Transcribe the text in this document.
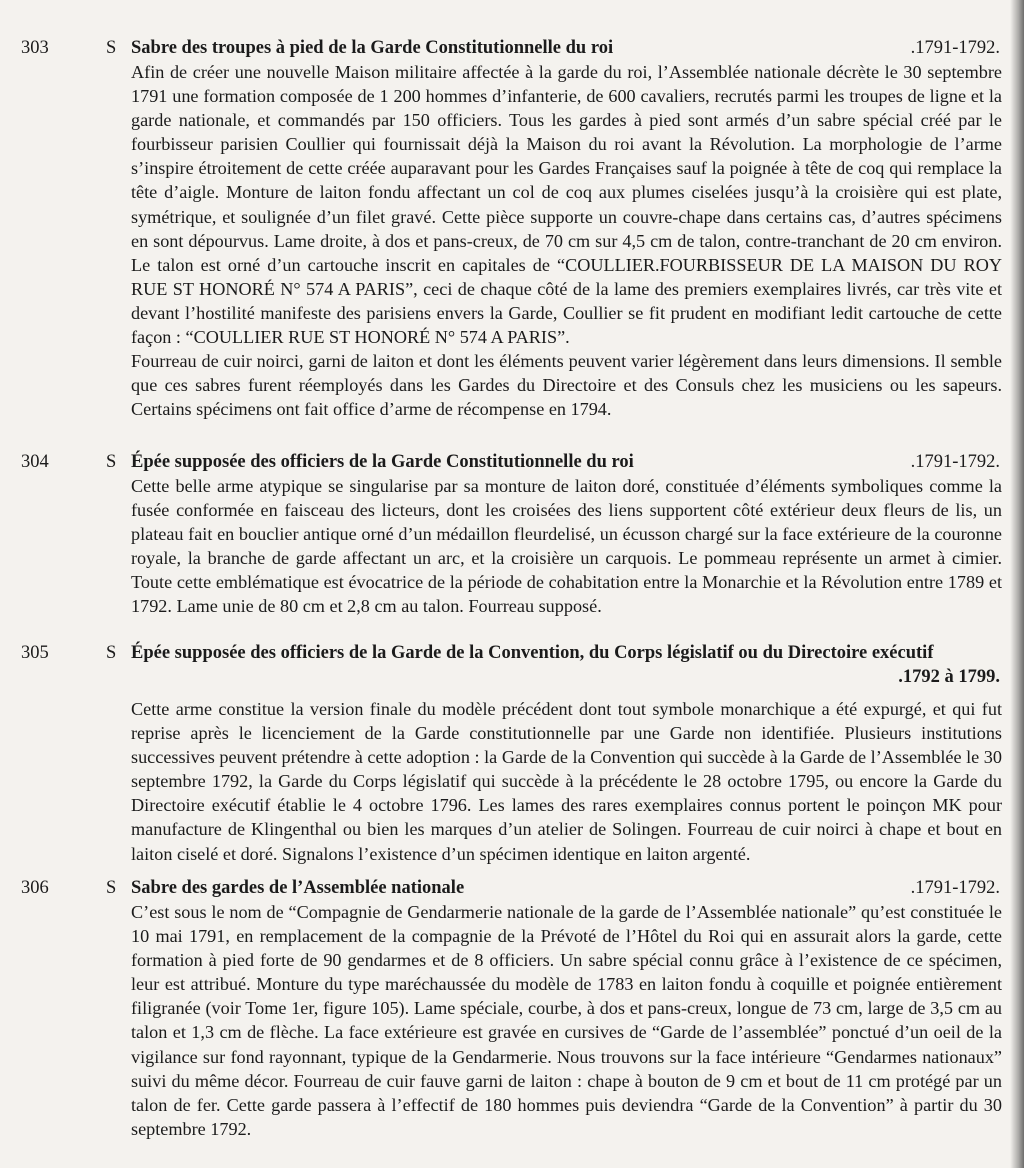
303	S Sabre des troupes à pied de la Garde Constitutionnelle du roi	.1791-1792.

Afin de créer une nouvelle Maison militaire affectée à la garde du roi, l’Assemblée nationale décrète le 30 septembre 1791 une formation composée de 1 200 hommes d’infanterie, de 600 cavaliers, recrutés parmi les troupes de ligne et la garde nationale, et commandés par 150 officiers. Tous les gardes à pied sont armés d’un sabre spécial créé par le fourbisseur parisien Coullier qui fournissait déjà la Maison du roi avant la Révolution. La morphologie de l’arme s’inspire étroitement de cette créée auparavant pour les Gardes Françaises sauf la poignée à tête de coq qui remplace la tête d’aigle. Monture de laiton fondu affectant un col de coq aux plumes ciselées jusqu’à la croisière qui est plate, symétrique, et soulignée d’un filet gravé. Cette pièce supporte un couvre-chape dans certains cas, d’autres spécimens en sont dépourvus. Lame droite, à dos et pans-creux, de 70 cm sur 4,5 cm de talon, contre-tranchant de 20 cm environ. Le talon est orné d’un cartouche inscrit en capitales de “COULLIER.FOURBISSEUR DE LA MAISON DU ROY RUE ST HONORÉ N° 574 A PARIS”, ceci de chaque côté de la lame des premiers exemplaires livrés, car très vite et devant l’hostilité manifeste des parisiens envers la Garde, Coullier se fit prudent en modifiant ledit cartouche de cette façon : “COULLIER RUE ST HONORÉ N° 574 A PARIS”.

Fourreau de cuir noirci, garni de laiton et dont les éléments peuvent varier légèrement dans leurs dimensions. Il semble que ces sabres furent réemployés dans les Gardes du Directoire et des Consuls chez les musiciens ou les sapeurs. Certains spécimens ont fait office d’arme de récompense en 1794.

304	S Épée supposée des officiers de la Garde Constitutionnelle du roi	.1791-1792.

Cette belle arme atypique se singularise par sa monture de laiton doré, constituée d’éléments symboliques comme la fusée conformée en faisceau des licteurs, dont les croisées des liens supportent côté extérieur deux fleurs de lis, un plateau fait en bouclier antique orné d’un médaillon fleurdelisé, un écusson chargé sur la face extérieure de la couronne royale, la branche de garde affectant un arc, et la croisière un carquois. Le pommeau représente un armet à cimier. Toute cette emblématique est évocatrice de la période de cohabitation entre la Monarchie et la Révolution entre 1789 et 1792. Lame unie de 80 cm et 2,8 cm au talon. Fourreau supposé.

305	S Épée supposée des officiers de la Garde de la Convention, du Corps législatif ou du Directoire exécutif
.1792 à 1799.

Cette arme constitue la version finale du modèle précédent dont tout symbole monarchique a été expurgé, et qui fut reprise après le licenciement de la Garde constitutionnelle par une Garde non identifiée. Plusieurs institutions successives peuvent prétendre à cette adoption : la Garde de la Convention qui succède à la Garde de l’Assemblée le 30 septembre 1792, la Garde du Corps législatif qui succède à la précédente le 28 octobre 1795, ou encore la Garde du Directoire exécutif établie le 4 octobre 1796. Les lames des rares exemplaires connus portent le poinçon MK pour manufacture de Klingenthal ou bien les marques d’un atelier de Solingen. Fourreau de cuir noirci à chape et bout en laiton ciselé et doré. Signalons l’existence d’un spécimen identique en laiton argenté.

306	S Sabre des gardes de l’Assemblée nationale	.1791-1792.

C’est sous le nom de “Compagnie de Gendarmerie nationale de la garde de l’Assemblée nationale” qu’est constituée le 10 mai 1791, en remplacement de la compagnie de la Prévoté de l’Hôtel du Roi qui en assurait alors la garde, cette formation à pied forte de 90 gendarmes et de 8 officiers. Un sabre spécial connu grâce à l’existence de ce spécimen, leur est attribué. Monture du type maréchaussée du modèle de 1783 en laiton fondu à coquille et poignée entièrement filigranée (voir Tome 1er, figure 105). Lame spéciale, courbe, à dos et pans-creux, longue de 73 cm, large de 3,5 cm au talon et 1,3 cm de flèche. La face extérieure est gravée en cursives de “Garde de l’assemblée” ponctué d’un oeil de la vigilance sur fond rayonnant, typique de la Gendarmerie. Nous trouvons sur la face intérieure “Gendarmes nationaux” suivi du même décor. Fourreau de cuir fauve garni de laiton : chape à bouton de 9 cm et bout de 11 cm protégé par un talon de fer. Cette garde passera à l’effectif de 180 hommes puis deviendra “Garde de la Convention” à partir du 30 septembre 1792.
